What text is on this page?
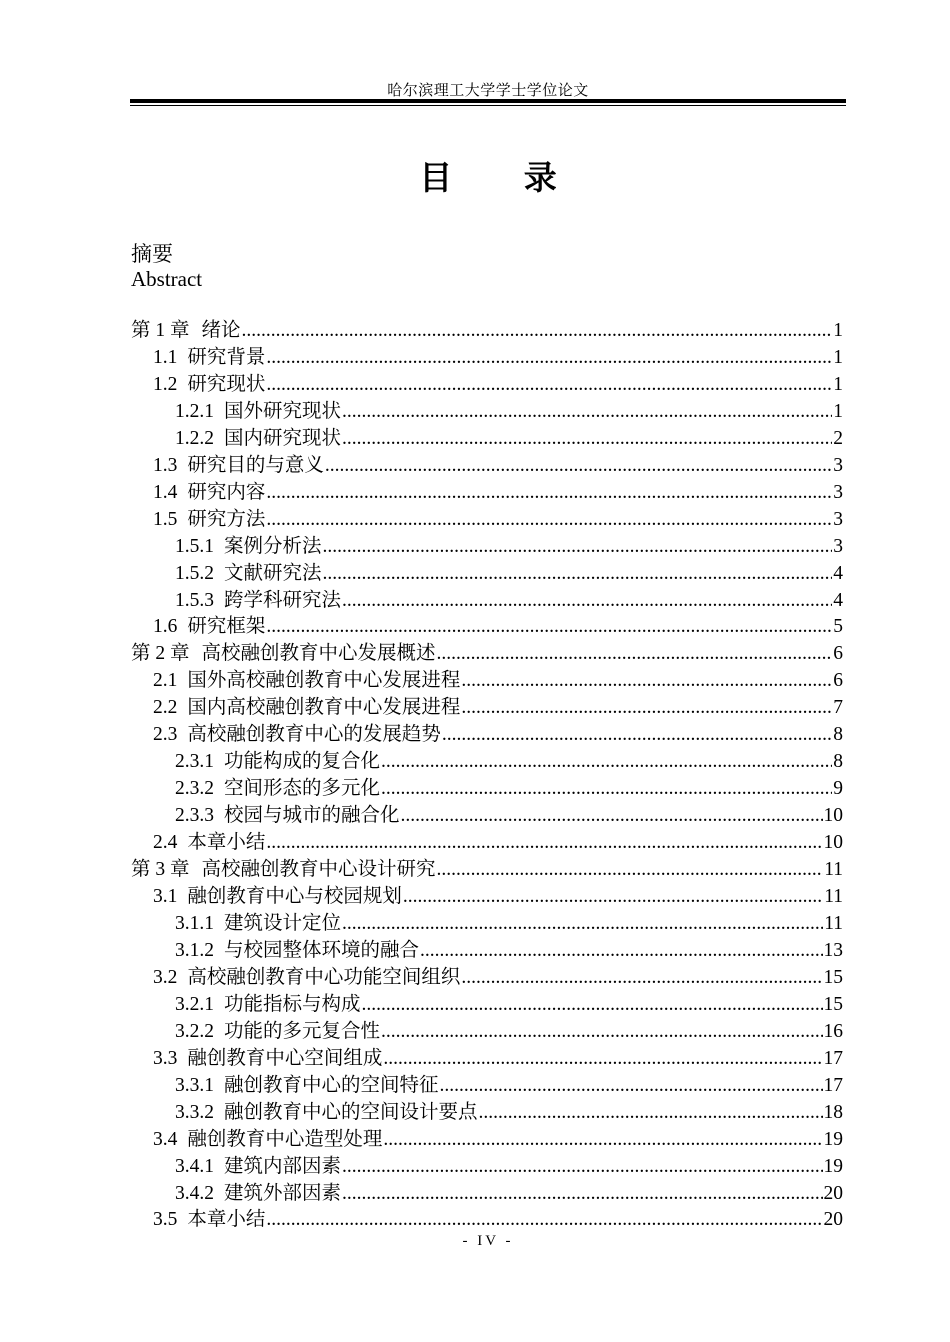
哈尔滨理工大学学士学位论文
目 录
摘要
Abstract
第 1 章 绪论 .....	1
1.1 研究背景 .....	1
1.2 研究现状 .....	1
1.2.1 国外研究现状 .....	1
1.2.2 国内研究现状 .....	2
1.3 研究目的与意义 .....	3
1.4 研究内容 .....	3
1.5 研究方法 .....	3
1.5.1 案例分析法 .....	3
1.5.2 文献研究法 .....	4
1.5.3 跨学科研究法 .....	4
1.6 研究框架 .....	5
第 2 章 高校融创教育中心发展概述 .....	6
2.1 国外高校融创教育中心发展进程 .....	6
2.2 国内高校融创教育中心发展进程 .....	7
2.3 高校融创教育中心的发展趋势 .....	8
2.3.1 功能构成的复合化 .....	8
2.3.2 空间形态的多元化 .....	9
2.3.3 校园与城市的融合化 .....	10
2.4 本章小结 .....	10
第 3 章 高校融创教育中心设计研究 .....	11
3.1 融创教育中心与校园规划 .....	11
3.1.1 建筑设计定位 .....	11
3.1.2 与校园整体环境的融合 .....	13
3.2 高校融创教育中心功能空间组织 .....	15
3.2.1 功能指标与构成 .....	15
3.2.2 功能的多元复合性 .....	16
3.3 融创教育中心空间组成 .....	17
3.3.1 融创教育中心的空间特征 .....	17
3.3.2 融创教育中心的空间设计要点 .....	18
3.4 融创教育中心造型处理 .....	19
3.4.1 建筑内部因素 .....	19
3.4.2 建筑外部因素 .....	20
3.5 本章小结 .....	20
- IV -
